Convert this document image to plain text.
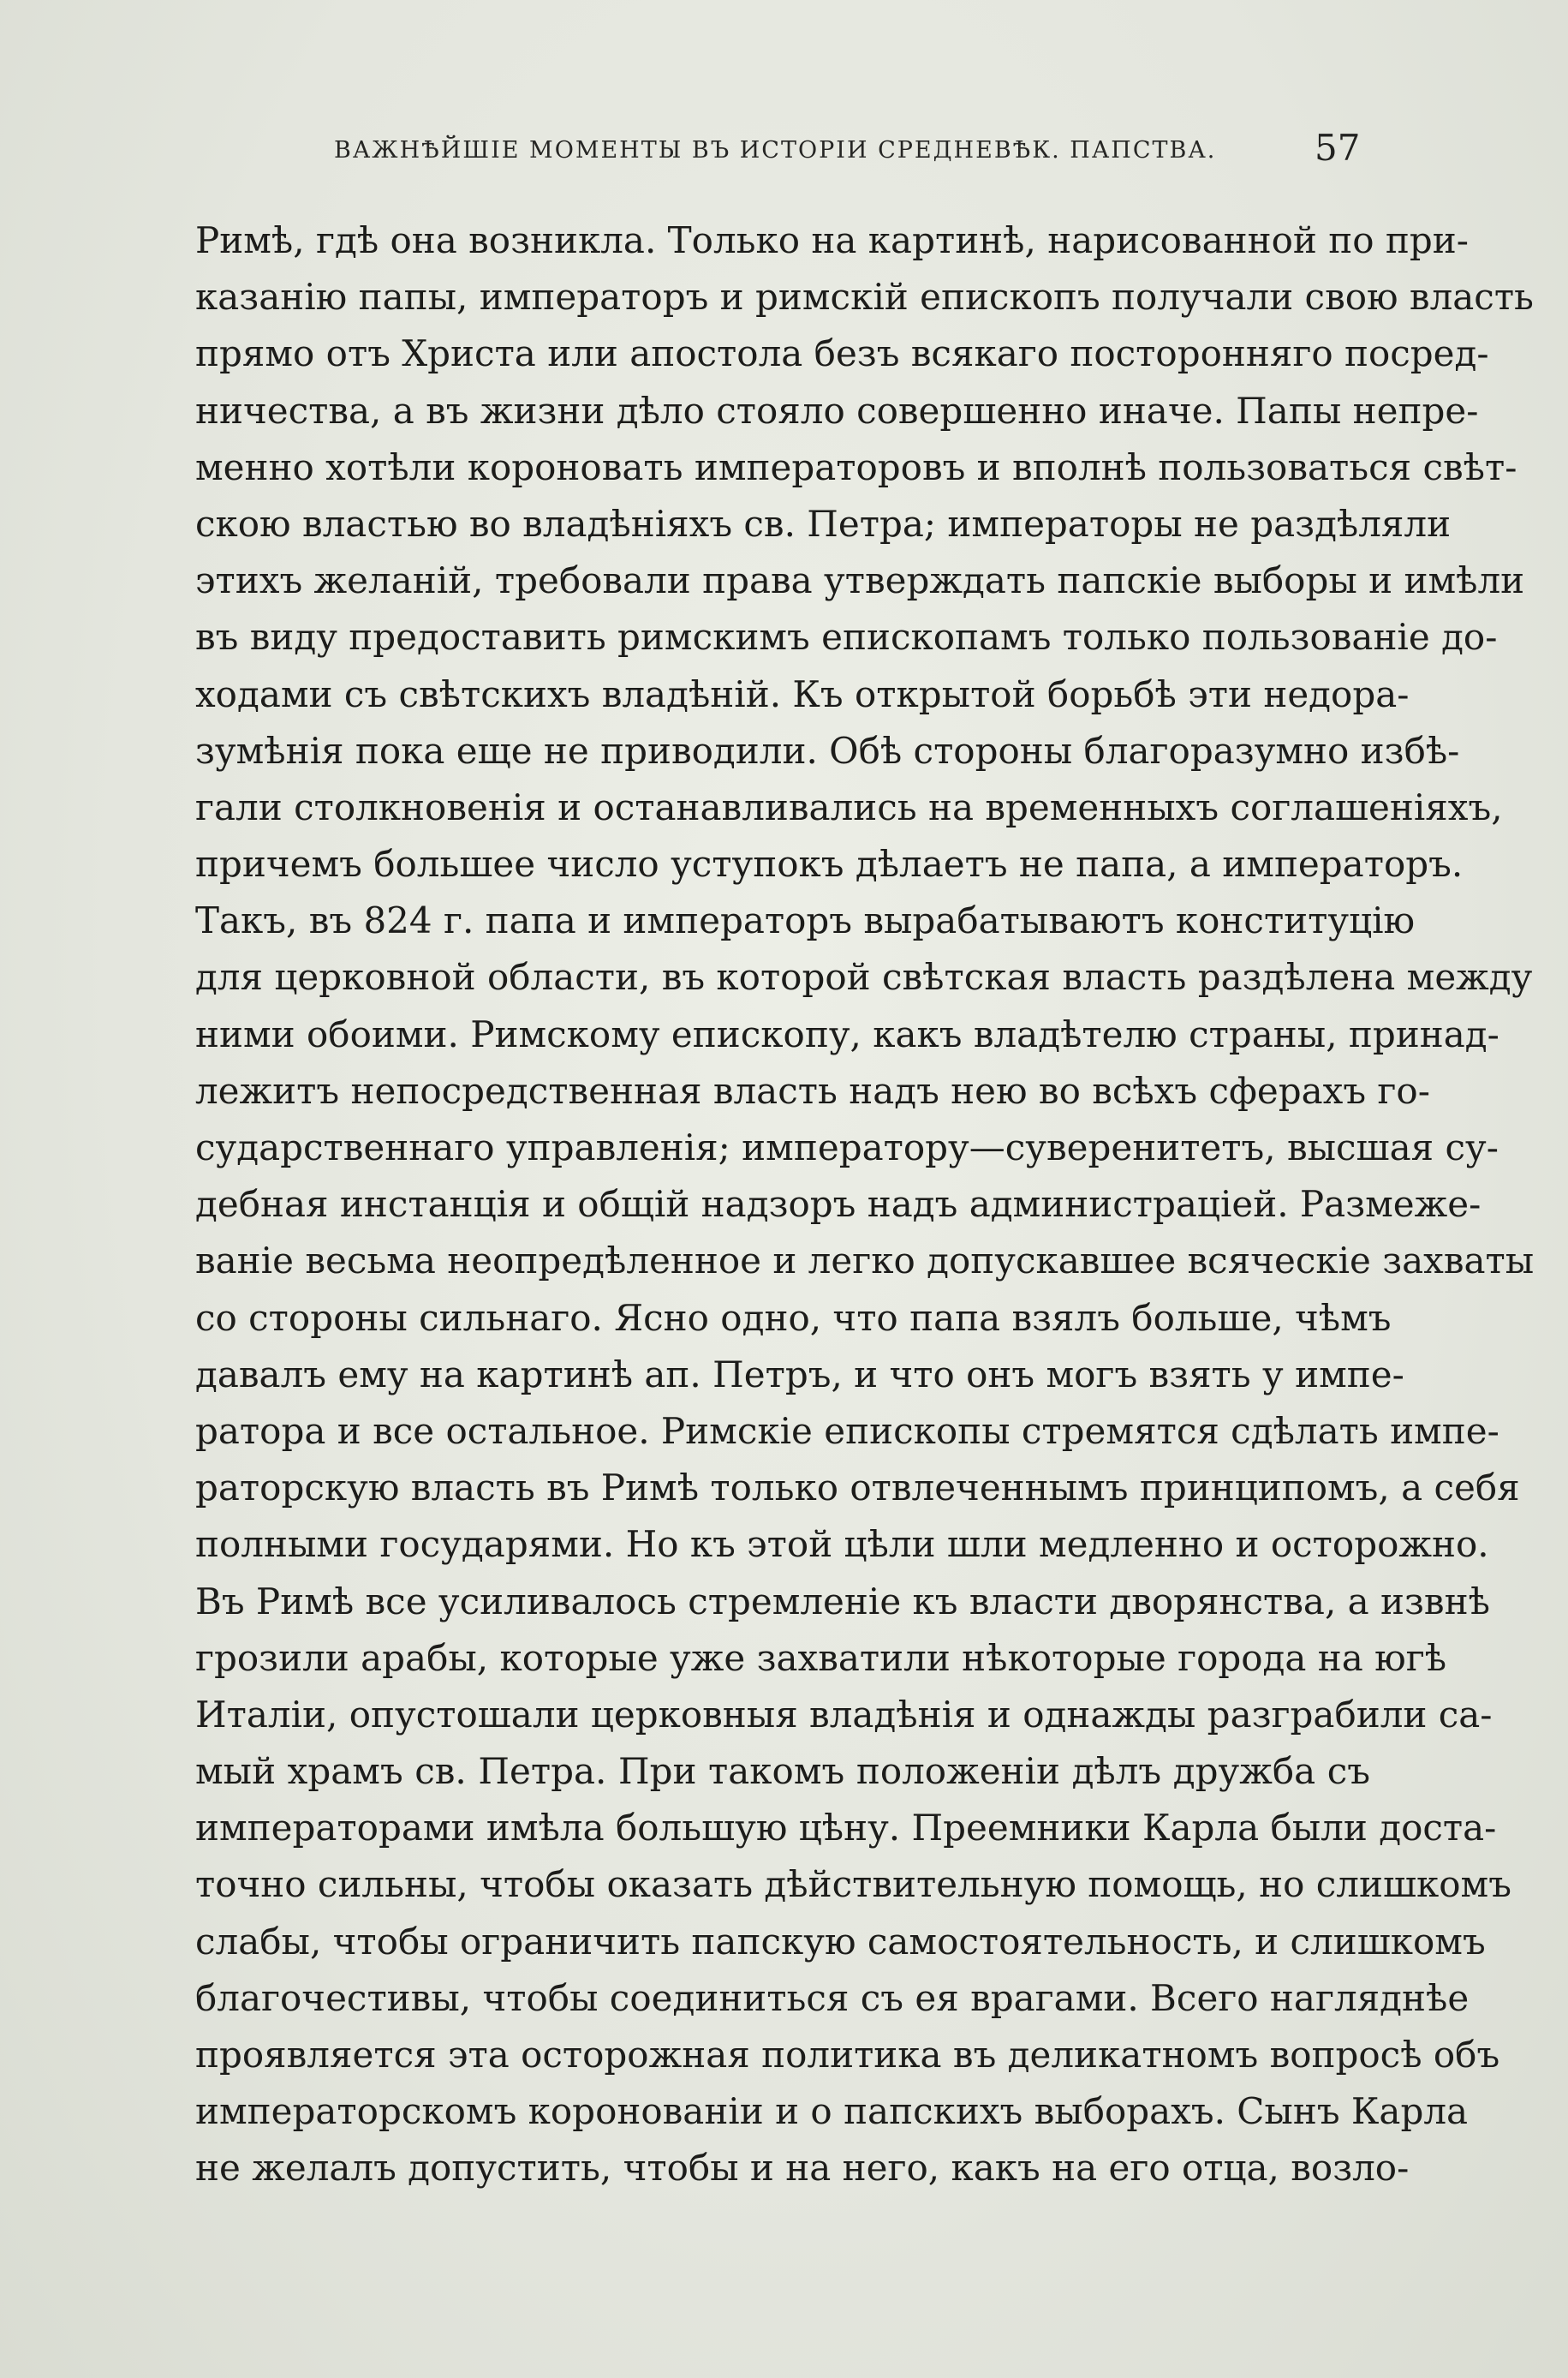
ВАЖНѢЙШІЕ МОМЕНТЫ ВЪ ИСТОРІИ СРЕДНЕВѢК. ПАПСТВА.	57
Римѣ, гдѣ она возникла. Только на картинѣ, нарисованной по при-
казанію папы, императоръ и римскій епископъ получали свою власть
прямо отъ Христа или апостола безъ всякаго посторонняго посред-
ничества, а въ жизни дѣло стояло совершенно иначе. Папы непре-
менно хотѣли короновать императоровъ и вполнѣ пользоваться свѣт-
скою властью во владѣніяхъ св. Петра; императоры не раздѣляли
этихъ желаній, требовали права утверждать папскіе выборы и имѣли
въ виду предоставить римскимъ епископамъ только пользованіе до-
ходами съ свѣтскихъ владѣній. Къ открытой борьбѣ эти недора-
зумѣнія пока еще не приводили. Обѣ стороны благоразумно избѣ-
гали столкновенія и останавливались на временныхъ соглашеніяхъ,
причемъ большее число уступокъ дѣлаетъ не папа, а императоръ.
Такъ, въ 824 г. папа и императоръ вырабатываютъ конституцію
для церковной области, въ которой свѣтская власть раздѣлена между
ними обоими. Римскому епископу, какъ владѣтелю страны, принад-
лежитъ непосредственная власть надъ нею во всѣхъ сферахъ го-
сударственнаго управленія; императору—суверенитетъ, высшая су-
дебная инстанція и общій надзоръ надъ администраціей. Размеже-
ваніе весьма неопредѣленное и легко допускавшее всяческіе захваты
со стороны сильнаго. Ясно одно, что папа взялъ больше, чѣмъ
давалъ ему на картинѣ ап. Петръ, и что онъ могъ взять у импе-
ратора и все остальное. Римскіе епископы стремятся сдѣлать импе-
раторскую власть въ Римѣ только отвлеченнымъ принципомъ, а себя
полными государями. Но къ этой цѣли шли медленно и осторожно.
Въ Римѣ все усиливалось стремленіе къ власти дворянства, а извнѣ
грозили арабы, которые уже захватили нѣкоторые города на югѣ
Италіи, опустошали церковныя владѣнія и однажды разграбили са-
мый храмъ св. Петра. При такомъ положеніи дѣлъ дружба съ
императорами имѣла большую цѣну. Преемники Карла были доста-
точно сильны, чтобы оказать дѣйствительную помощь, но слишкомъ
слабы, чтобы ограничить папскую самостоятельность, и слишкомъ
благочестивы, чтобы соединиться съ ея врагами. Всего нагляднѣе
проявляется эта осторожная политика въ деликатномъ вопросѣ объ
императорскомъ коронованіи и о папскихъ выборахъ. Сынъ Карла
не желалъ допустить, чтобы и на него, какъ на его отца, возло-
